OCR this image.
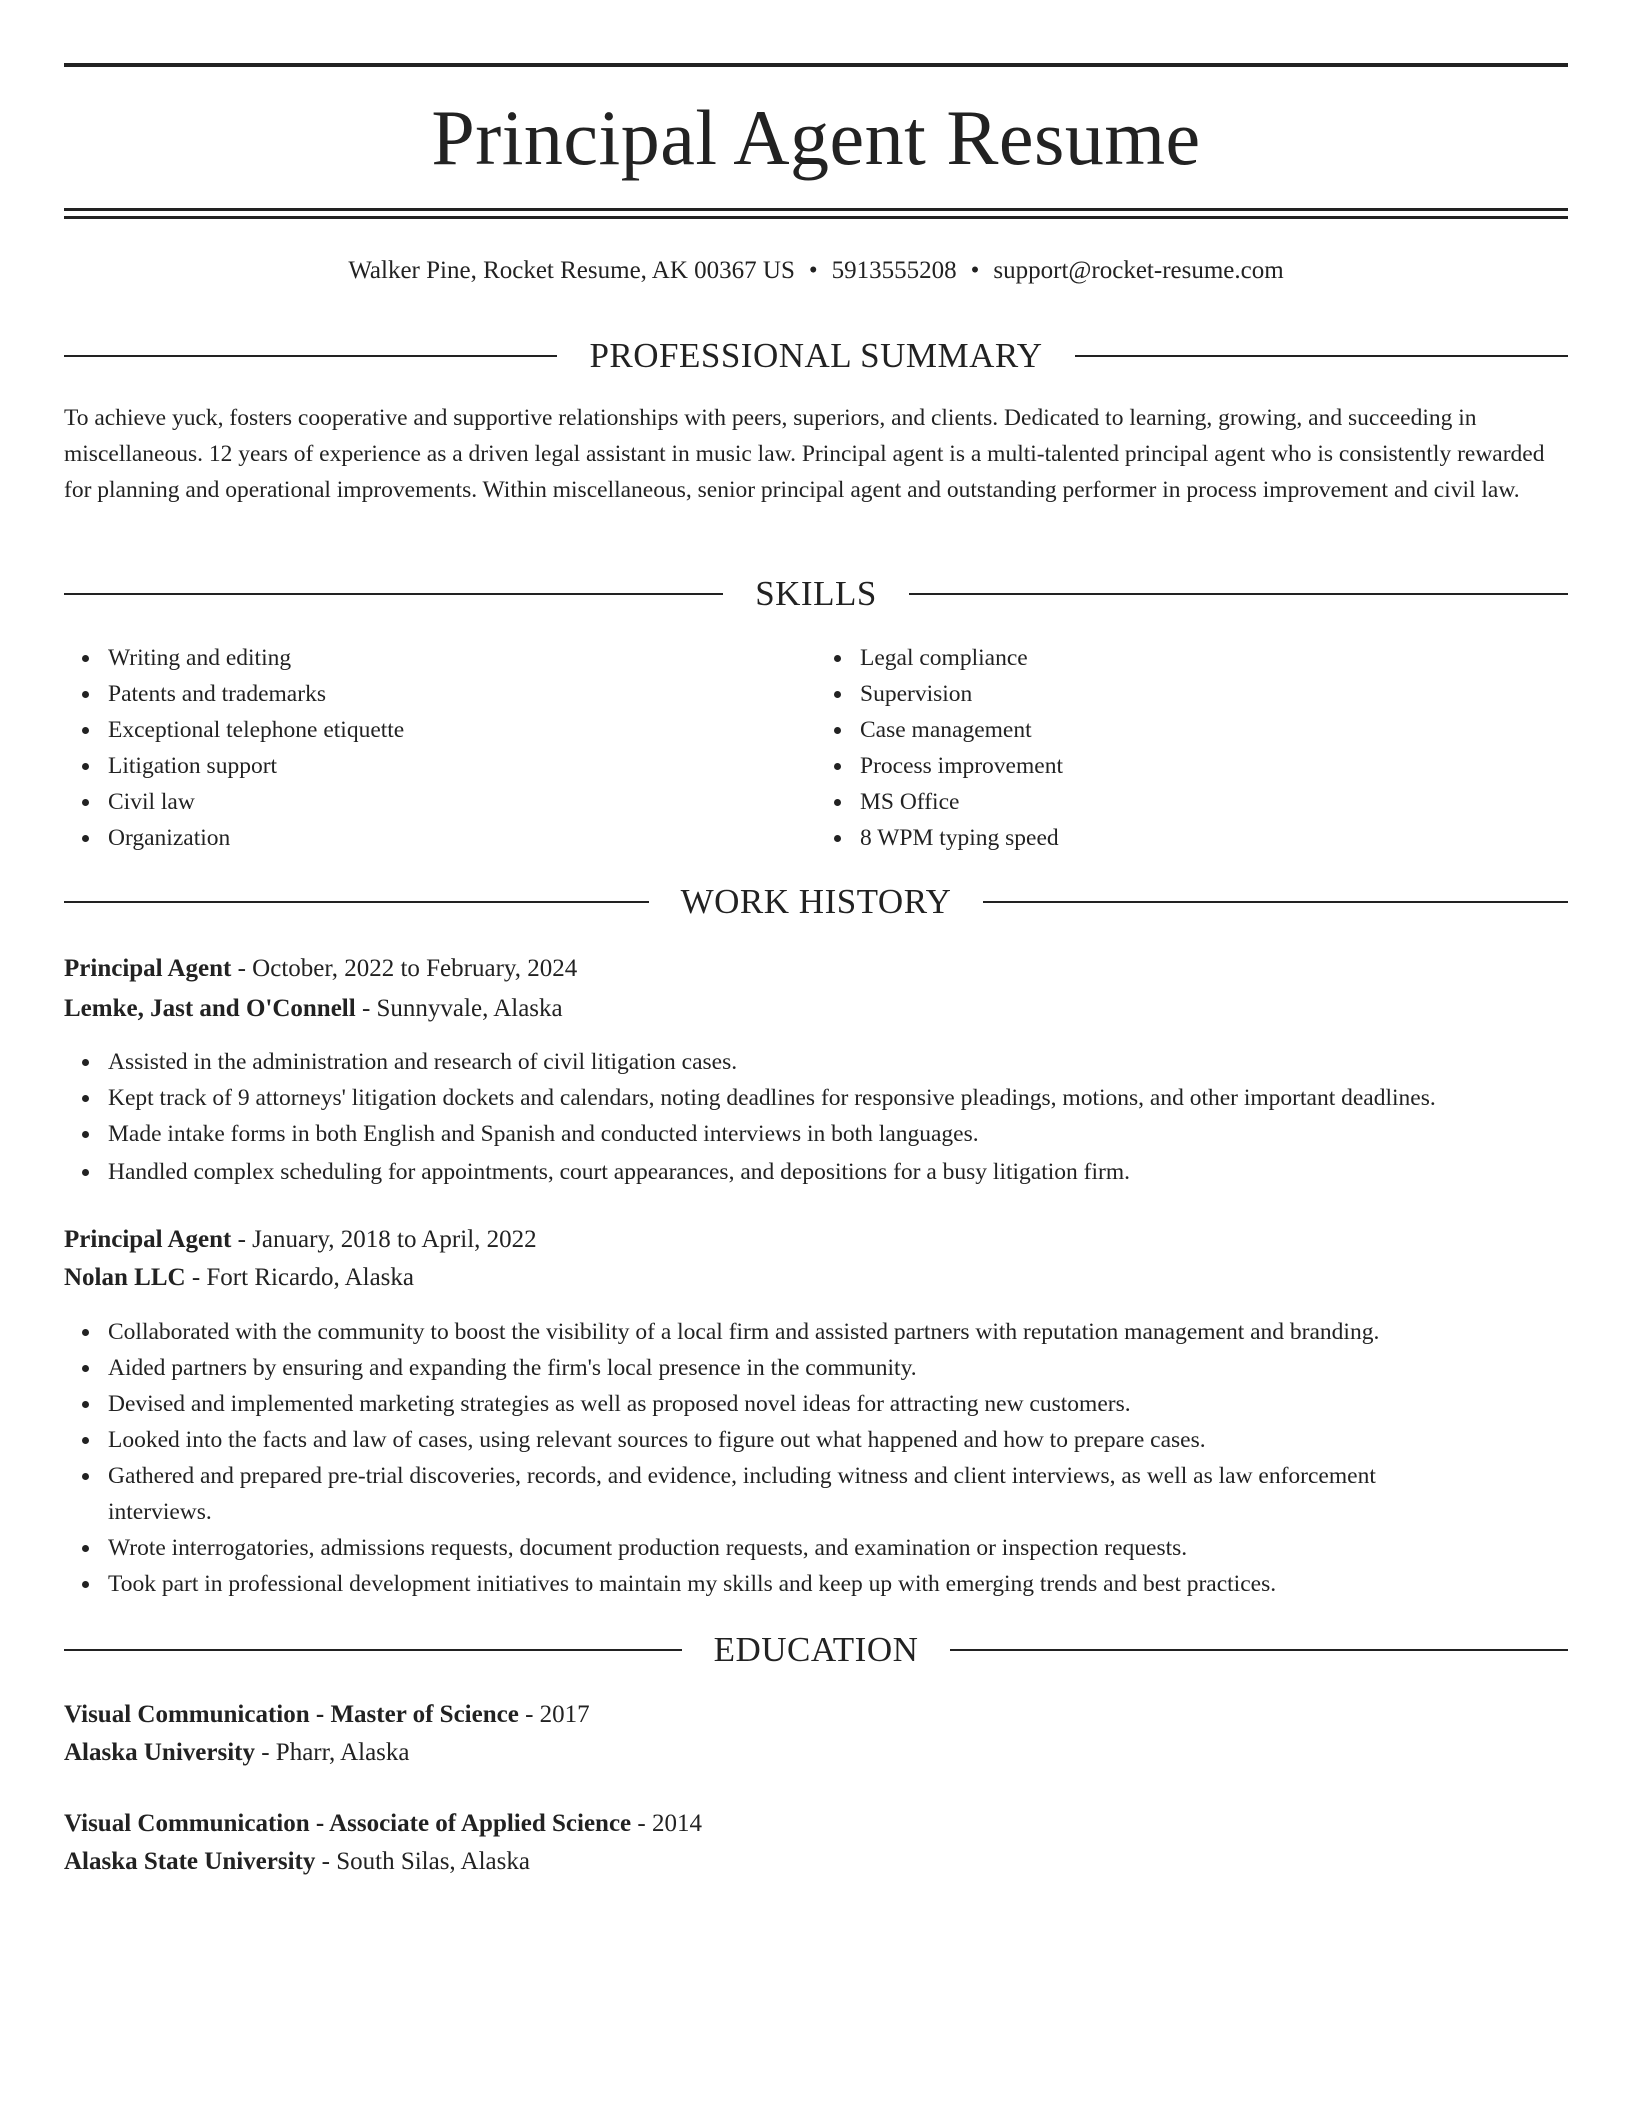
Principal Agent Resume
Walker Pine, Rocket Resume, AK 00367 US • 5913555208 • support@rocket-resume.com
PROFESSIONAL SUMMARY

To achieve yuck, fosters cooperative and supportive relationships with peers, superiors, and clients. Dedicated to learning, growing, and succeeding in miscellaneous. 12 years of experience as a driven legal assistant in music law. Principal agent is a multi-talented principal agent who is consistently rewarded for planning and operational improvements. Within miscellaneous, senior principal agent and outstanding performer in process improvement and civil law.

SKILLS
Writing and editing
Patents and trademarks
Exceptional telephone etiquette
Litigation support
Civil law
Organization
Legal compliance
Supervision
Case management
Process improvement
MS Office
8 WPM typing speed
WORK HISTORY
Principal Agent - October, 2022 to February, 2024
Lemke, Jast and O'Connell - Sunnyvale, Alaska
Assisted in the administration and research of civil litigation cases.
Kept track of 9 attorneys' litigation dockets and calendars, noting deadlines for responsive pleadings, motions, and other important deadlines.
Made intake forms in both English and Spanish and conducted interviews in both languages.
Handled complex scheduling for appointments, court appearances, and depositions for a busy litigation firm.
Principal Agent - January, 2018 to April, 2022
Nolan LLC - Fort Ricardo, Alaska
Collaborated with the community to boost the visibility of a local firm and assisted partners with reputation management and branding.
Aided partners by ensuring and expanding the firm's local presence in the community.
Devised and implemented marketing strategies as well as proposed novel ideas for attracting new customers.
Looked into the facts and law of cases, using relevant sources to figure out what happened and how to prepare cases.
Gathered and prepared pre-trial discoveries, records, and evidence, including witness and client interviews, as well as law enforcement interviews.
Wrote interrogatories, admissions requests, document production requests, and examination or inspection requests.
Took part in professional development initiatives to maintain my skills and keep up with emerging trends and best practices.
EDUCATION
Visual Communication - Master of Science - 2017
Alaska University - Pharr, Alaska
Visual Communication - Associate of Applied Science - 2014
Alaska State University - South Silas, Alaska
